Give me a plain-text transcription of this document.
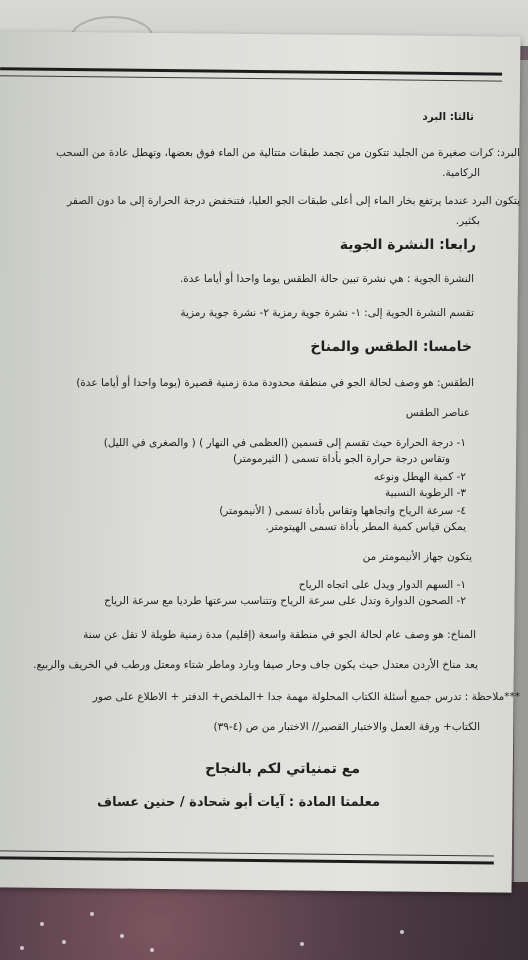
ثالثا: البرد
البرد: كرات صغيرة من الجليد تتكون من تجمد طبقات متتالية من الماء فوق بعضها، وتهطل عادة من السحب
الركامية.
يتكون البرد عندما يرتفع بخار الماء إلى أعلى طبقات الجو العليا، فتنخفض درجة الحرارة إلى ما دون الصفر
بكثير.
رابعا: النشرة الجوية
النشرة الجوية : هي نشرة تبين حالة الطقس يوما واحدا أو أياما عدة.
تقسم النشرة الجوية إلى: ١- نشرة جوية رمزية ٢- نشرة جوية رمزية
خامسا: الطقس والمناخ
الطقس: هو وصف لحالة الجو في منطقة محدودة مدة زمنية قصيرة (يوما واحدا أو أياما عدة)
عناصر الطقس
١- درجة الحرارة حيث تقسم إلى قسمين (العظمى في النهار ) ( والصغرى في الليل)
وتقاس درجة حرارة الجو بأداة تسمى ( الثيرمومتر)
٢- كمية الهطل ونوعه
٣- الرطوبة النسبية
٤- سرعة الرياح واتجاهها وتقاس بأداة تسمى ( الأنيمومتر)
يمكن قياس كمية المطر بأداة تسمى الهيتومتر.
يتكون جهاز الأنيمومتر من
١- السهم الدوار ويدل على اتجاه الرياح
٢- الصحون الدوارة وتدل على سرعة الرياح وتتناسب سرعتها طرديا مع سرعة الرياح
المناخ: هو وصف عام لحالة الجو في منطقة واسعة (إقليم) مدة زمنية طويلة لا تقل عن سنة
يعد مناخ الأردن معتدل حيث يكون جاف وحار صيفا وبارد وماطر شتاء ومعتل ورطب في الخريف والربيع.
***ملاحظة : تدرس جميع أسئلة الكتاب المحلولة مهمة جدا +الملخص+ الدفتر + الاطلاع على صور
الكتاب+ ورقة العمل والاختبار القصير// الاختبار من ص (٤-٣٩)
مع تمنياتي لكم بالنجاح
معلمتا المادة : آيات أبو شحادة / حنين عساف
